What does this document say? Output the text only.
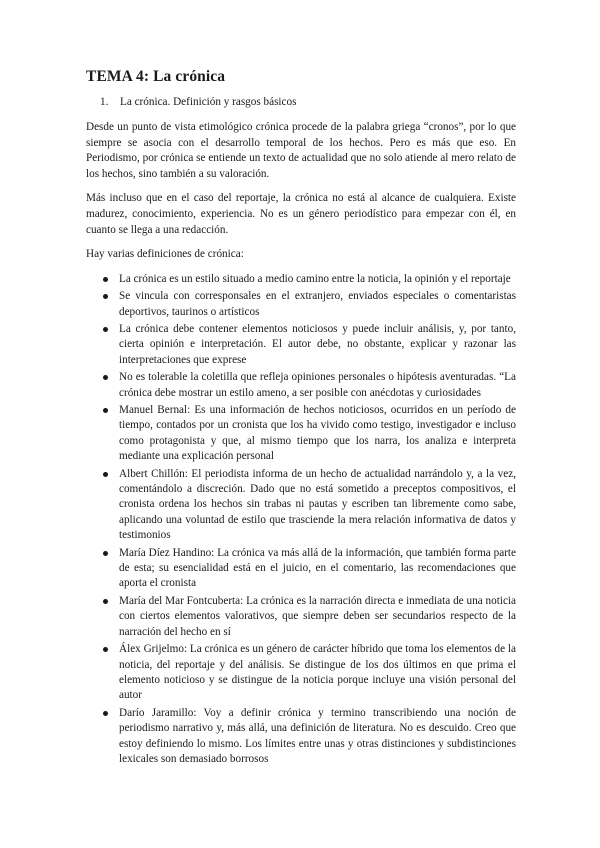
TEMA 4: La crónica
1. La crónica. Definición y rasgos básicos

Desde un punto de vista etimológico crónica procede de la palabra griega “cronos”, por lo que siempre se asocia con el desarrollo temporal de los hechos. Pero es más que eso. En Periodismo, por crónica se entiende un texto de actualidad que no solo atiende al mero relato de los hechos, sino también a su valoración.

Más incluso que en el caso del reportaje, la crónica no está al alcance de cualquiera. Existe madurez, conocimiento, experiencia. No es un género periodístico para empezar con él, en cuanto se llega a una redacción.

Hay varias definiciones de crónica:

La crónica es un estilo situado a medio camino entre la noticia, la opinión y el reportaje
Se vincula con corresponsales en el extranjero, enviados especiales o comentaristas deportivos, taurinos o artísticos
La crónica debe contener elementos noticiosos y puede incluir análisis, y, por tanto, cierta opinión e interpretación. El autor debe, no obstante, explicar y razonar las interpretaciones que exprese
No es tolerable la coletilla que refleja opiniones personales o hipótesis aventuradas. “La crónica debe mostrar un estilo ameno, a ser posible con anécdotas y curiosidades
Manuel Bernal: Es una información de hechos noticiosos, ocurridos en un período de tiempo, contados por un cronista que los ha vivido como testigo, investigador e incluso como protagonista y que, al mismo tiempo que los narra, los analiza e interpreta mediante una explicación personal
Albert Chillón: El periodista informa de un hecho de actualidad narrándolo y, a la vez, comentándolo a discreción. Dado que no está sometido a preceptos compositivos, el cronista ordena los hechos sin trabas ni pautas y escriben tan libremente como sabe, aplicando una voluntad de estilo que trasciende la mera relación informativa de datos y testimonios
María Díez Handino: La crónica va más allá de la información, que también forma parte de esta; su esencialidad está en el juicio, en el comentario, las recomendaciones que aporta el cronista
María del Mar Fontcuberta: La crónica es la narración directa e inmediata de una noticia con ciertos elementos valorativos, que siempre deben ser secundarios respecto de la narración del hecho en sí
Álex Grijelmo: La crónica es un género de carácter híbrido que toma los elementos de la noticia, del reportaje y del análisis. Se distingue de los dos últimos en que prima el elemento noticioso y se distingue de la noticia porque incluye una visión personal del autor
Darío Jaramillo: Voy a definir crónica y termino transcribiendo una noción de periodismo narrativo y, más allá, una definición de literatura. No es descuido. Creo que estoy definiendo lo mismo. Los límites entre unas y otras distinciones y subdistinciones lexicales son demasiado borrosos
